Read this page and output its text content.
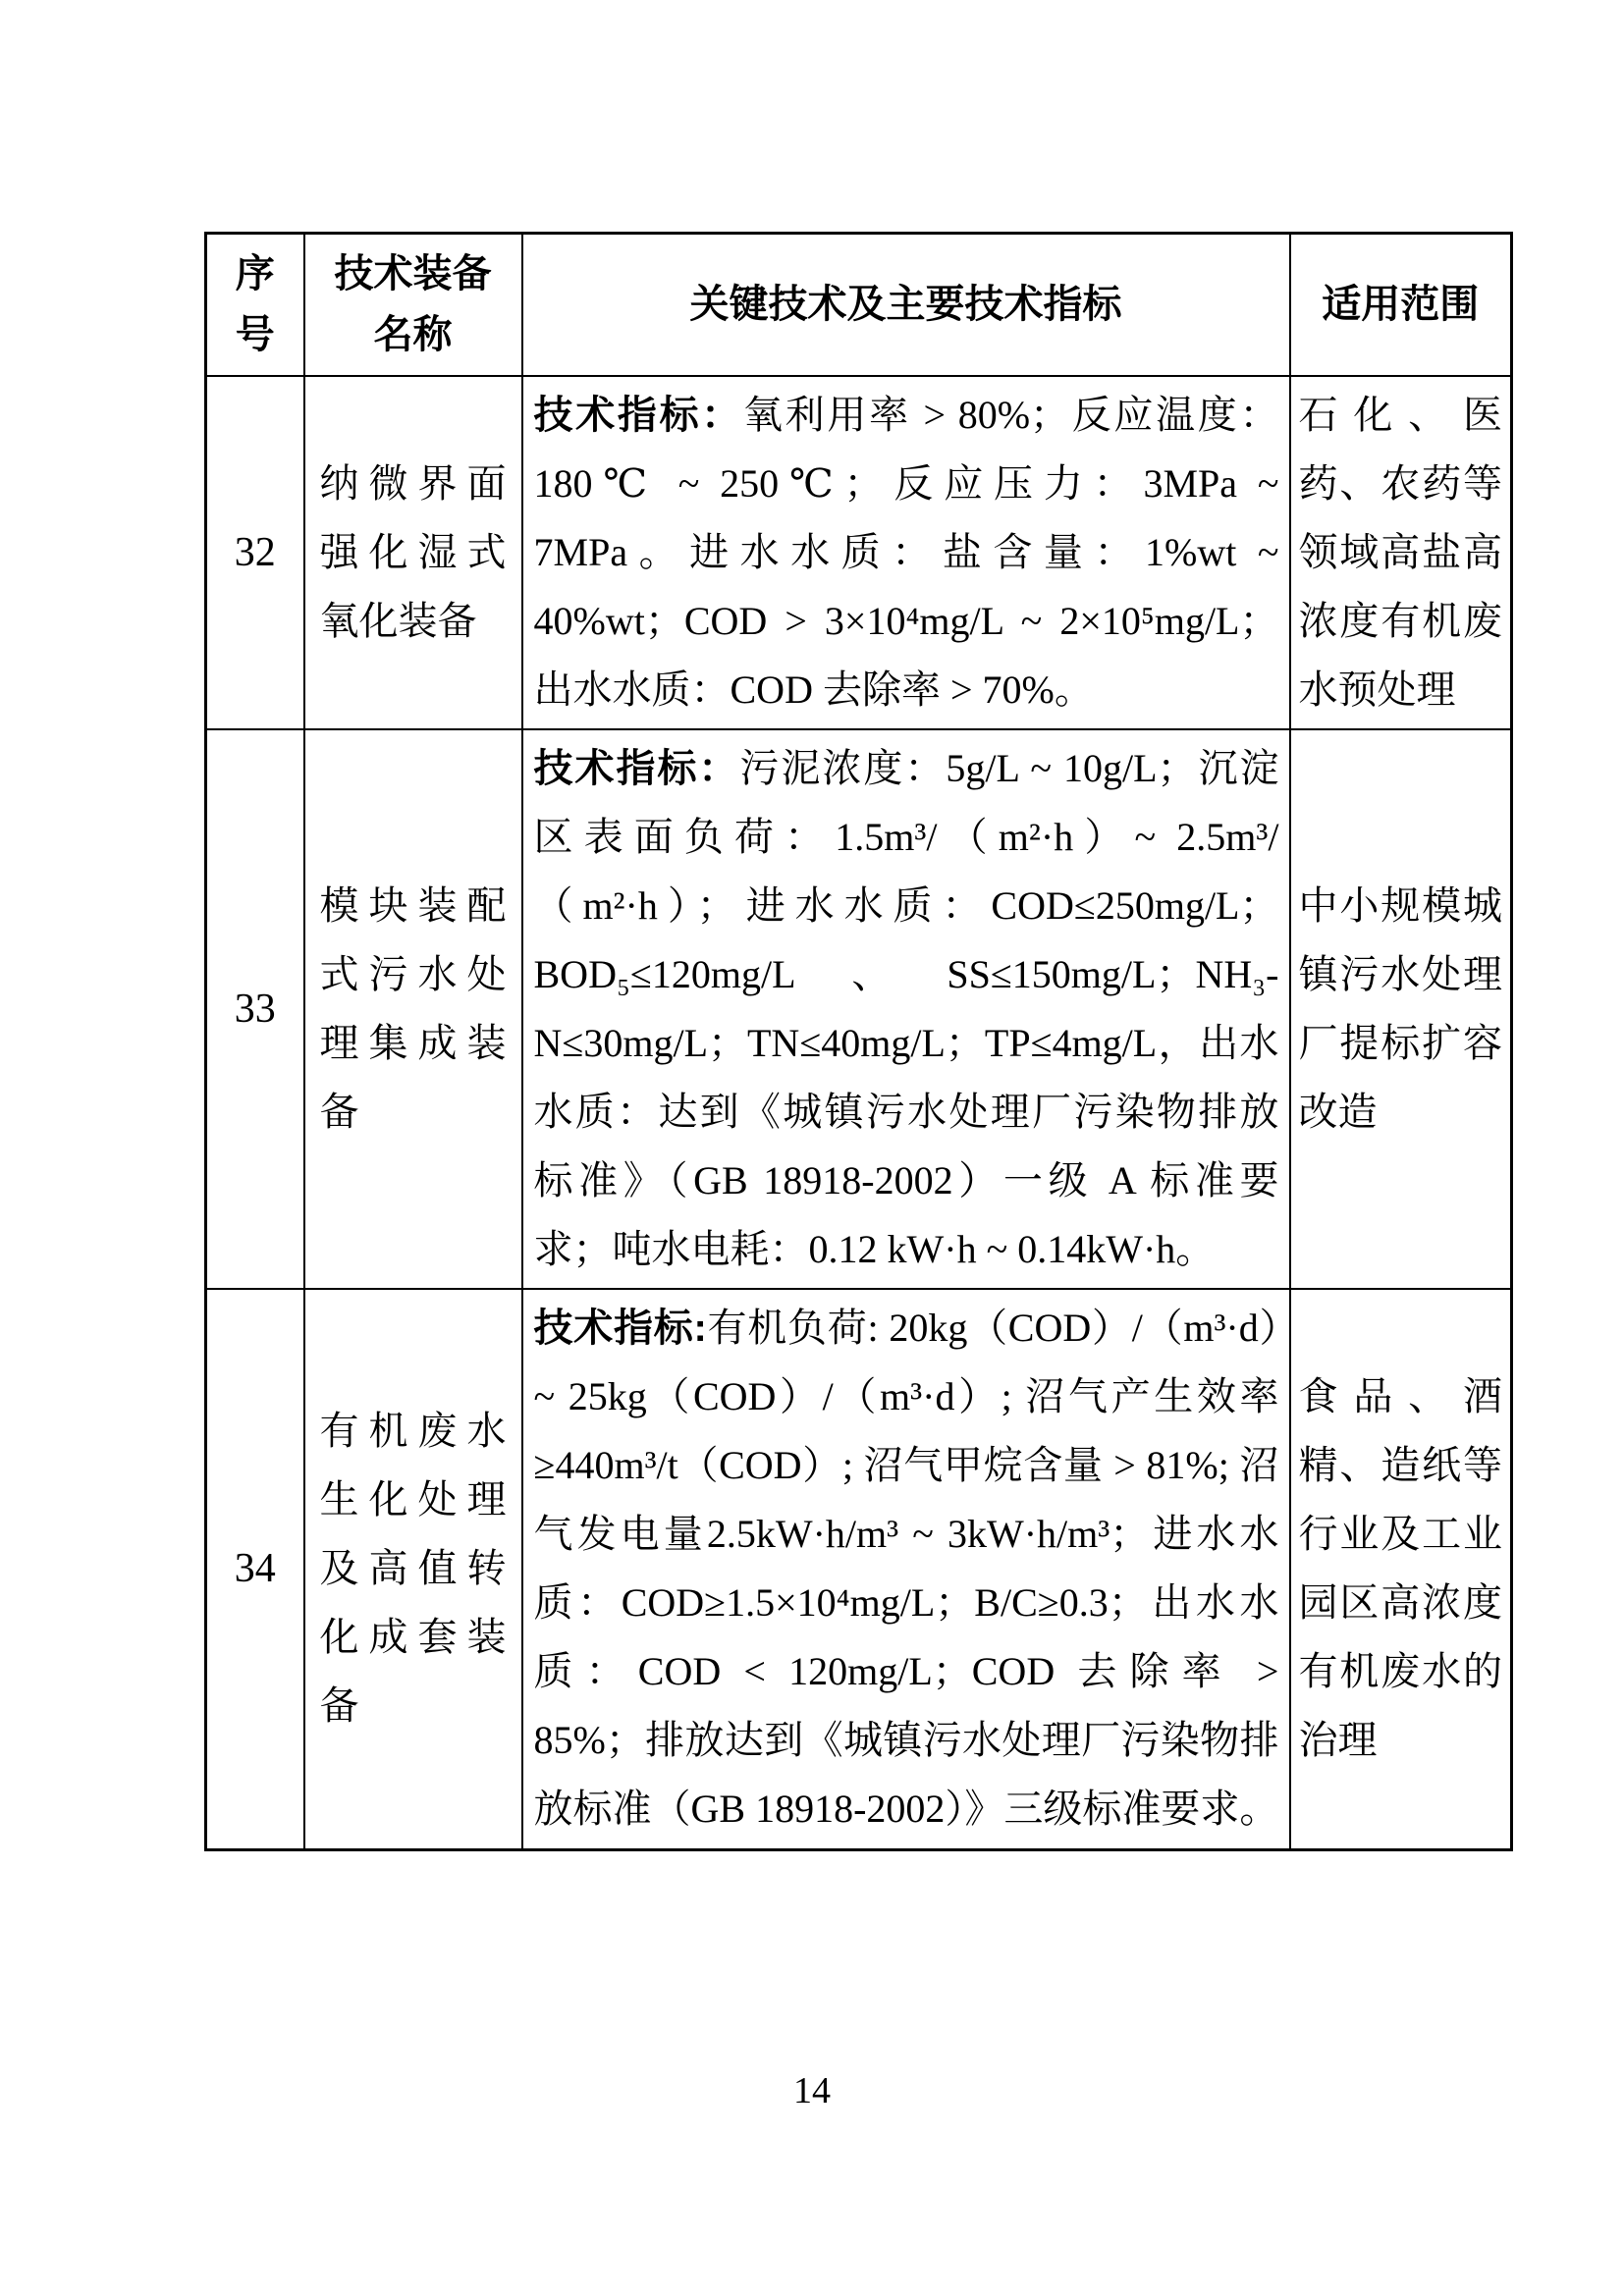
序号	技术装备名称	关键技术及主要技术指标	适用范围
32	纳微界面强化湿式氧化装备	技术指标：氧利用率 > 80%；反应温度：180℃ ~ 250℃；反应压力：3MPa ~ 7MPa。进水水质：盐含量：1%wt ~ 40%wt；COD > 3×10⁴mg/L ~ 2×10⁵mg/L；出水水质：COD 去除率 > 70%。	石化、医药、农药等领域高盐高浓度有机废水预处理
33	模块装配式污水处理集成装备	技术指标：污泥浓度：5g/L ~ 10g/L；沉淀区表面负荷：1.5m³/（m²·h）~ 2.5m³/（m²·h）；进水水质：COD≤250mg/L；BOD₅≤120mg/L、SS≤150mg/L；NH₃-N≤30mg/L；TN≤40mg/L；TP≤4mg/L，出水水质：达到《城镇污水处理厂污染物排放标准》（GB 18918-2002）一级 A 标准要求；吨水电耗：0.12 kW·h ~ 0.14kW·h。	中小规模城镇污水处理厂提标扩容改造
34	有机废水生化处理及高值转化成套装备	技术指标:有机负荷: 20kg（COD）/（m³·d）~ 25kg（COD）/（m³·d）; 沼气产生效率≥440m³/t（COD）; 沼气甲烷含量 > 81%; 沼气发电量2.5kW·h/m³ ~ 3kW·h/m³；进水水质：COD≥1.5×10⁴mg/L；B/C≥0.3；出水水质：COD < 120mg/L；COD 去除率 > 85%；排放达到《城镇污水处理厂污染物排放标准（GB 18918-2002）》三级标准要求。	食品、酒精、造纸等行业及工业园区高浓度有机废水的治理
14
